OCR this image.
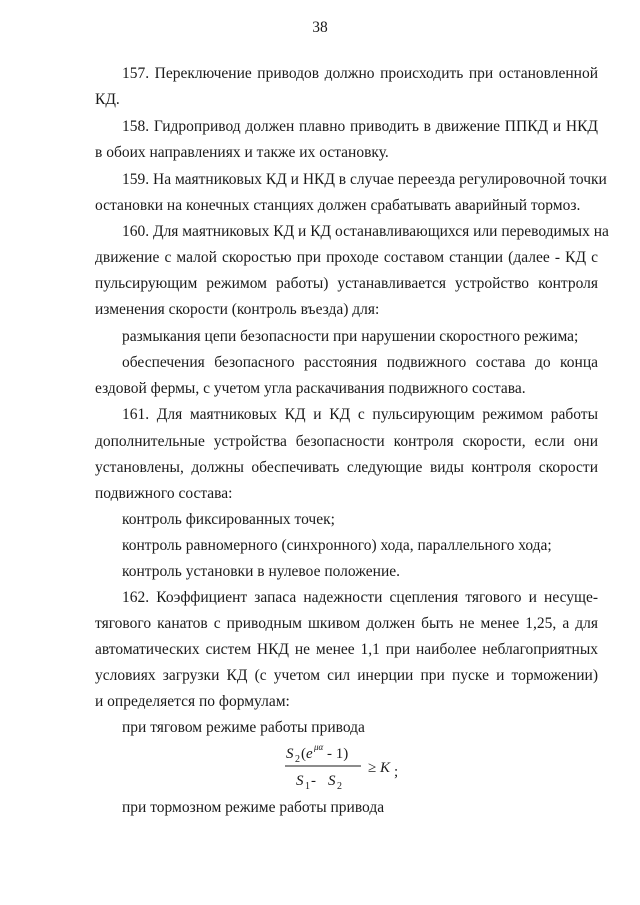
38
157. Переключение приводов должно происходить при остановленной
КД.
158. Гидропривод должен плавно приводить в движение ППКД и НКД
в обоих направлениях и также их остановку.
159. На маятниковых КД и НКД в случае переезда регулировочной точки
остановки на конечных станциях должен срабатывать аварийный тормоз.
160. Для маятниковых КД и КД останавливающихся или переводимых на
движение с малой скоростью при проходе составом станции (далее - КД с
пульсирующим режимом работы) устанавливается устройство контроля
изменения скорости (контроль въезда) для:
размыкания цепи безопасности при нарушении скоростного режима;
обеспечения безопасного расстояния подвижного состава до конца
ездовой фермы, с учетом угла раскачивания подвижного состава.
161. Для маятниковых КД и КД с пульсирующим режимом работы
дополнительные устройства безопасности контроля скорости, если они
установлены, должны обеспечивать следующие виды контроля скорости
подвижного состава:
контроль фиксированных точек;
контроль равномерного (синхронного) хода, параллельного хода;
контроль установки в нулевое положение.
162. Коэффициент запаса надежности сцепления тягового и несуще-
тягового канатов с приводным шкивом должен быть не менее 1,25, а для
автоматических систем НКД не менее 1,1 при наиболее неблагоприятных
условиях загрузки КД (с учетом сил инерции при пуске и торможении)
и определяется по формулам:
при тяговом режиме работы привода
S 2 ( e μα - 1)
S 1 - S 2
≥ K ;
при тормозном режиме работы привода
